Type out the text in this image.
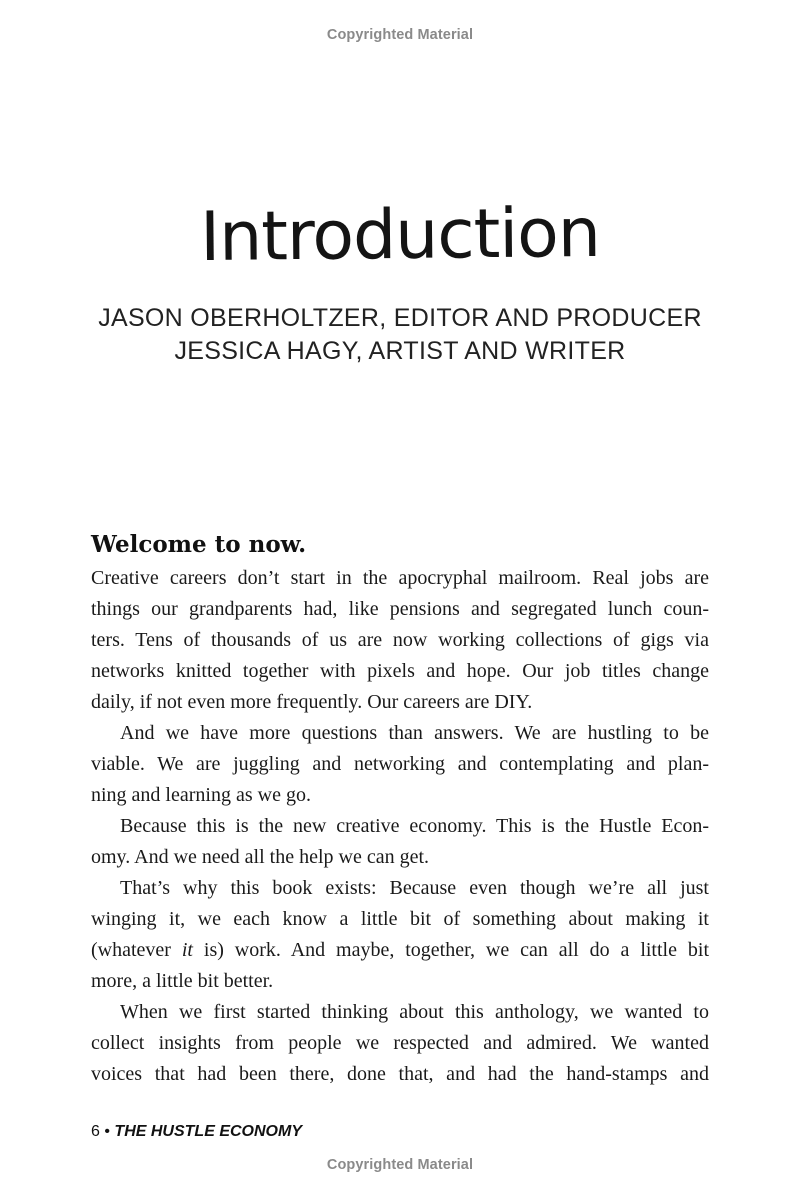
Copyrighted Material
Introduction
JASON OBERHOLTZER, EDITOR AND PRODUCER
JESSICA HAGY, ARTIST AND WRITER
Welcome to now.
Creative careers don’t start in the apocryphal mailroom. Real jobs are
things our grandparents had, like pensions and segregated lunch coun-
ters. Tens of thousands of us are now working collections of gigs via
networks knitted together with pixels and hope. Our job titles change
daily, if not even more frequently. Our careers are DIY.
And we have more questions than answers. We are hustling to be
viable. We are juggling and networking and contemplating and plan-
ning and learning as we go.
Because this is the new creative economy. This is the Hustle Econ-
omy. And we need all the help we can get.
That’s why this book exists: Because even though we’re all just
winging it, we each know a little bit of something about making it
(whatever it is) work. And maybe, together, we can all do a little bit
more, a little bit better.
When we first started thinking about this anthology, we wanted to
collect insights from people we respected and admired. We wanted
voices that had been there, done that, and had the hand-stamps and
6 • THE HUSTLE ECONOMY
Copyrighted Material
